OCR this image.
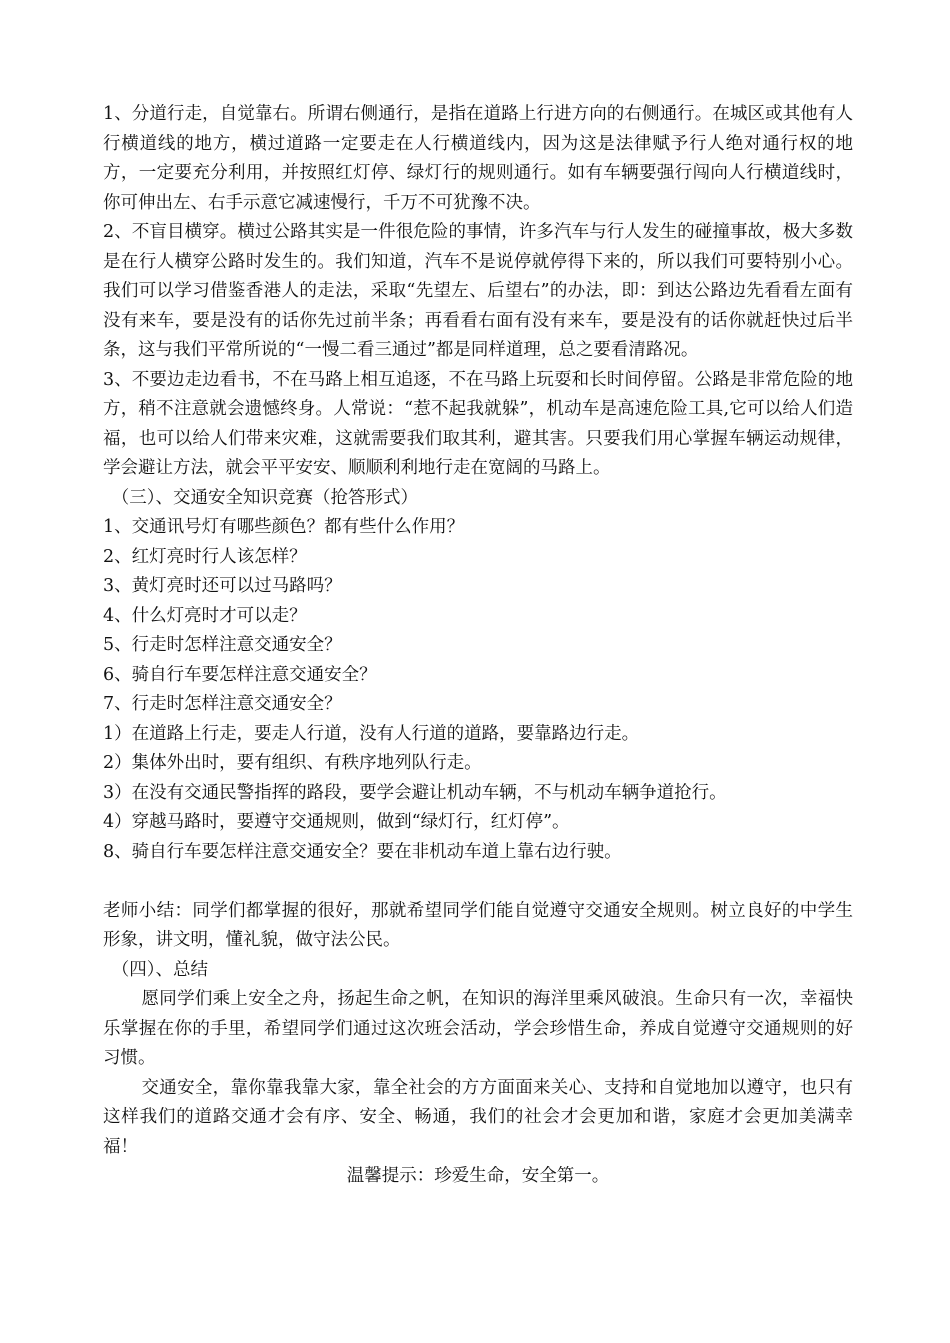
1、分道行走，自觉靠右。所谓右侧通行，是指在道路上行进方向的右侧通行。在城区或其他有人行横道线的地方，横过道路一定要走在人行横道线内，因为这是法律赋予行人绝对通行权的地方，一定要充分利用，并按照红灯停、绿灯行的规则通行。如有车辆要强行闯向人行横道线时，你可伸出左、右手示意它减速慢行，千万不可犹豫不决。

2、不盲目横穿。横过公路其实是一件很危险的事情，许多汽车与行人发生的碰撞事故，极大多数是在行人横穿公路时发生的。我们知道，汽车不是说停就停得下来的，所以我们可要特别小心。我们可以学习借鉴香港人的走法，采取“先望左、后望右”的办法，即：到达公路边先看看左面有没有来车，要是没有的话你先过前半条；再看看右面有没有来车，要是没有的话你就赶快过后半条，这与我们平常所说的“一慢二看三通过”都是同样道理，总之要看清路况。

3、不要边走边看书，不在马路上相互追逐，不在马路上玩耍和长时间停留。公路是非常危险的地方，稍不注意就会遗憾终身。人常说：“惹不起我就躲”，机动车是高速危险工具,它可以给人们造福，也可以给人们带来灾难，这就需要我们取其利，避其害。只要我们用心掌握车辆运动规律，学会避让方法，就会平平安安、顺顺利利地行走在宽阔的马路上。

（三）、交通安全知识竞赛（抢答形式）

1、交通讯号灯有哪些颜色？都有些什么作用？

2、红灯亮时行人该怎样？

3、黄灯亮时还可以过马路吗？

4、什么灯亮时才可以走？

5、行走时怎样注意交通安全？

6、骑自行车要怎样注意交通安全？

7、行走时怎样注意交通安全？

1）在道路上行走，要走人行道，没有人行道的道路，要靠路边行走。

2）集体外出时，要有组织、有秩序地列队行走。

3）在没有交通民警指挥的路段，要学会避让机动车辆，不与机动车辆争道抢行。

4）穿越马路时，要遵守交通规则，做到“绿灯行，红灯停”。

8、骑自行车要怎样注意交通安全？要在非机动车道上靠右边行驶。

老师小结：同学们都掌握的很好，那就希望同学们能自觉遵守交通安全规则。树立良好的中学生形象，讲文明，懂礼貌，做守法公民。

（四）、总结

愿同学们乘上安全之舟，扬起生命之帆，在知识的海洋里乘风破浪。生命只有一次，幸福快乐掌握在你的手里，希望同学们通过这次班会活动，学会珍惜生命，养成自觉遵守交通规则的好习惯。

交通安全，靠你靠我靠大家，靠全社会的方方面面来关心、支持和自觉地加以遵守，也只有这样我们的道路交通才会有序、安全、畅通，我们的社会才会更加和谐，家庭才会更加美满幸福！

温馨提示：珍爱生命，安全第一。
